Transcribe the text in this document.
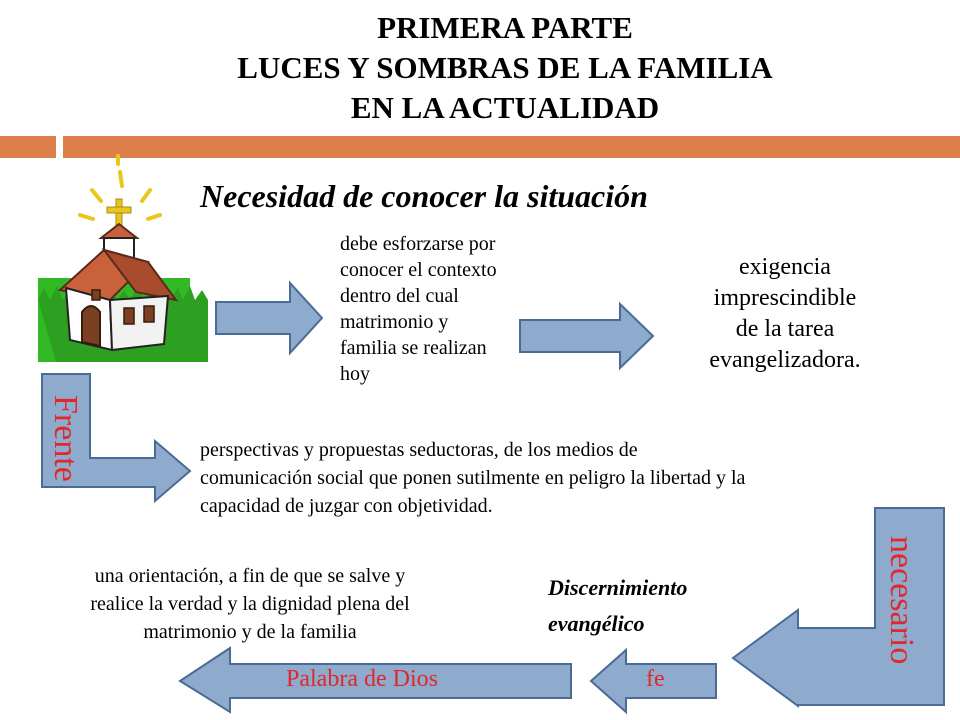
PRIMERA PARTE
LUCES Y SOMBRAS DE LA FAMILIA
EN LA ACTUALIDAD
Necesidad de conocer la situación
debe esforzarse por
conocer el contexto
dentro del cual
matrimonio y
familia se realizan
hoy
exigencia
imprescindible
de la tarea
evangelizadora.
Frente	perspectivas y propuestas seductoras, de los medios de
comunicación social que ponen sutilmente en peligro la libertad y la
capacidad de juzgar con objetividad.
una orientación, a fin de que se salve y
realice la verdad y la dignidad plena del
matrimonio y de la familia
Discernimiento
evangélico	necesario
fe
Palabra de Dios
